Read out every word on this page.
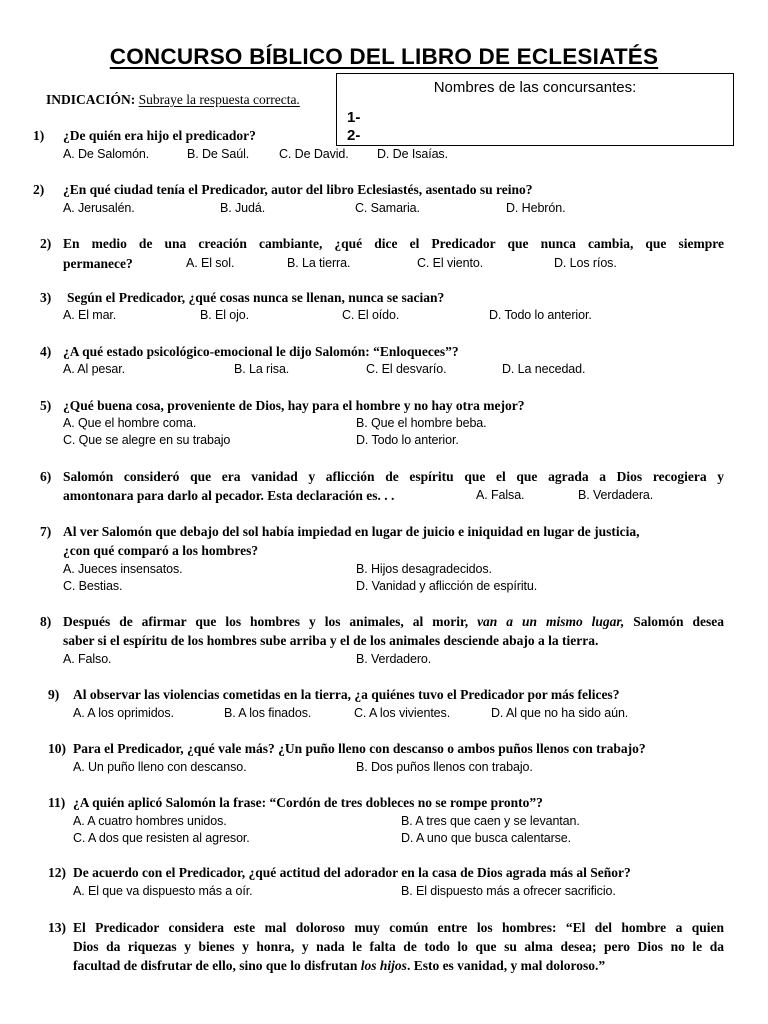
CONCURSO BÍBLICO DEL LIBRO DE ECLESIATÉS
Nombres de las concursantes:
1-
2-
INDICACIÓN: Subraye la respuesta correcta.
1) ¿De quién era hijo el predicador?
A. De Salomón.	B. De Saúl. C. De David. D. De Isaías.
2) ¿En qué ciudad tenía el Predicador, autor del libro Eclesiastés, asentado su reino?
A. Jerusalén.	B. Judá.	C. Samaria.	D. Hebrón.
2) En medio de una creación cambiante, ¿qué dice el Predicador que nunca cambia, que siempre
permanece?	A. El sol.	B. La tierra.	C. El viento.	D. Los ríos.
3) Según el Predicador, ¿qué cosas nunca se llenan, nunca se sacian?
A. El mar.	B. El ojo.	C. El oído.	D. Todo lo anterior.
4) ¿A qué estado psicológico-emocional le dijo Salomón: “Enloqueces”?
A. Al pesar.	B. La risa.	C. El desvarío.	D. La necedad.
5) ¿Qué buena cosa, proveniente de Dios, hay para el hombre y no hay otra mejor?
A. Que el hombre coma.	B. Que el hombre beba.
C. Que se alegre en su trabajo	D. Todo lo anterior.
6) Salomón consideró que era vanidad y aflicción de espíritu que el que agrada a Dios recogiera y
amontonara para darlo al pecador. Esta declaración es. . .	A. Falsa.	B. Verdadera.
7) Al ver Salomón que debajo del sol había impiedad en lugar de juicio e iniquidad en lugar de justicia,
¿con qué comparó a los hombres?
A. Jueces insensatos.	B. Hijos desagradecidos.
C. Bestias.	D. Vanidad y aflicción de espíritu.
8) Después de afirmar que los hombres y los animales, al morir, van a un mismo lugar, Salomón desea
saber si el espíritu de los hombres sube arriba y el de los animales desciende abajo a la tierra.
A. Falso.	B. Verdadero.
9) Al observar las violencias cometidas en la tierra, ¿a quiénes tuvo el Predicador por más felices?
A. A los oprimidos.	B. A los finados.	C. A los vivientes.	D. Al que no ha sido aún.
10) Para el Predicador, ¿qué vale más? ¿Un puño lleno con descanso o ambos puños llenos con trabajo?
A. Un puño lleno con descanso.	B. Dos puños llenos con trabajo.
11) ¿A quién aplicó Salomón la frase: “Cordón de tres dobleces no se rompe pronto”?
A. A cuatro hombres unidos.	B. A tres que caen y se levantan.
C. A dos que resisten al agresor.	D. A uno que busca calentarse.
12) De acuerdo con el Predicador, ¿qué actitud del adorador en la casa de Dios agrada más al Señor?
A. El que va dispuesto más a oír.	B. El dispuesto más a ofrecer sacrificio.
13) El Predicador considera este mal doloroso muy común entre los hombres: “El del hombre a quien
Dios da riquezas y bienes y honra, y nada le falta de todo lo que su alma desea; pero Dios no le da
facultad de disfrutar de ello, sino que lo disfrutan los hijos. Esto es vanidad, y mal doloroso.”
